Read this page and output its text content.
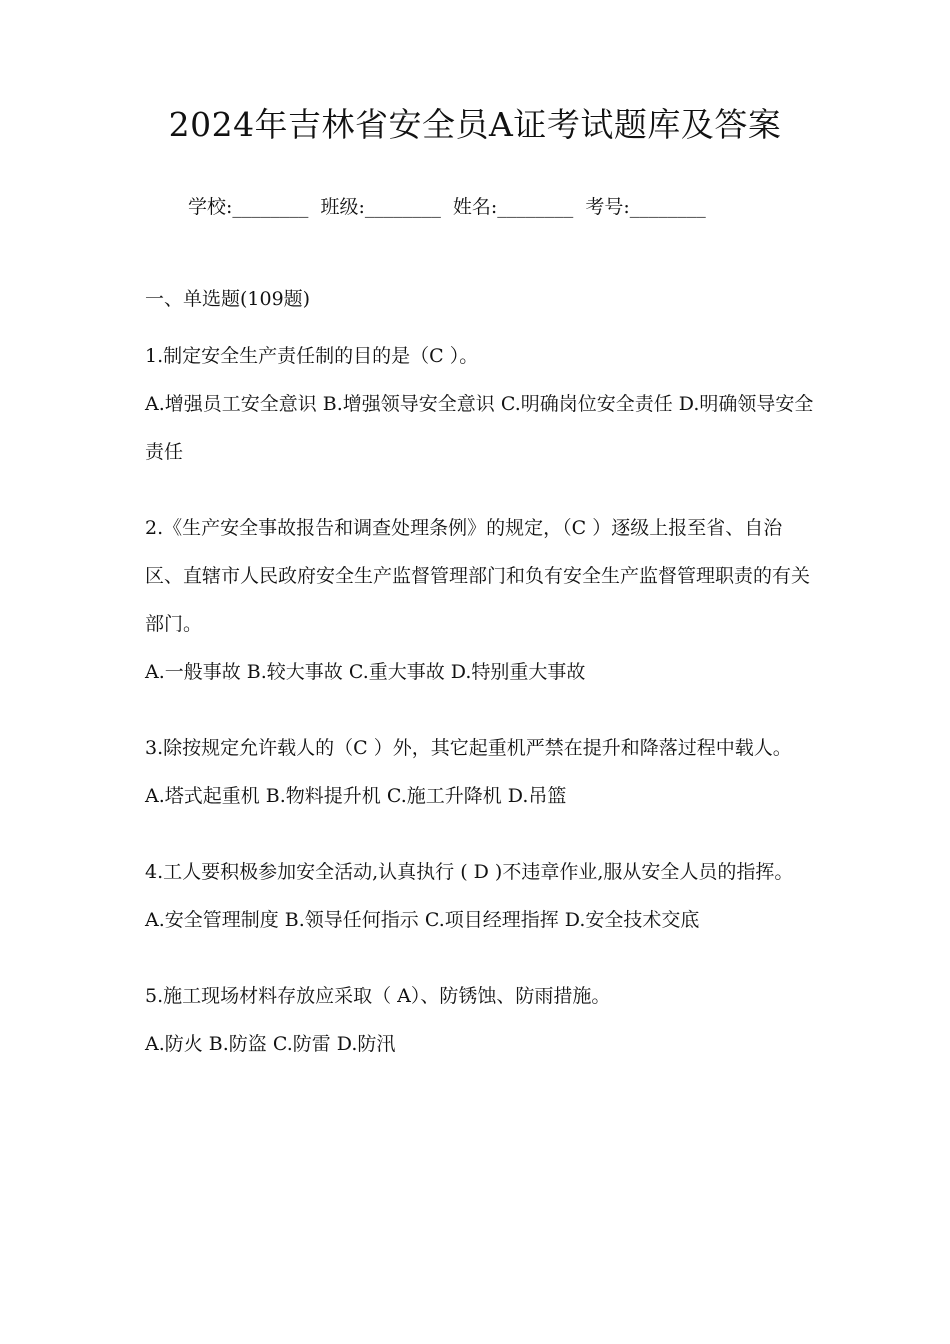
2024年吉林省安全员A证考试题库及答案
学校:________ 班级:________ 姓名:________ 考号:________
一、单选题(109题)

1.制定安全生产责任制的目的是（C ）。

A.增强员工安全意识 B.增强领导安全意识 C.明确岗位安全责任 D.明确领导安全责任

2.《生产安全事故报告和调查处理条例》的规定，（C ）逐级上报至省、自治区、直辖市人民政府安全生产监督管理部门和负有安全生产监督管理职责的有关部门。

A.一般事故 B.较大事故 C.重大事故 D.特别重大事故

3.除按规定允许载人的（C ）外，其它起重机严禁在提升和降落过程中载人。

A.塔式起重机 B.物料提升机 C.施工升降机 D.吊篮

4.工人要积极参加安全活动,认真执行 ( D )不违章作业,服从安全人员的指挥。

A.安全管理制度 B.领导任何指示 C.项目经理指挥 D.安全技术交底

5.施工现场材料存放应采取（ A）、防锈蚀、防雨措施。

A.防火 B.防盗 C.防雷 D.防汛
